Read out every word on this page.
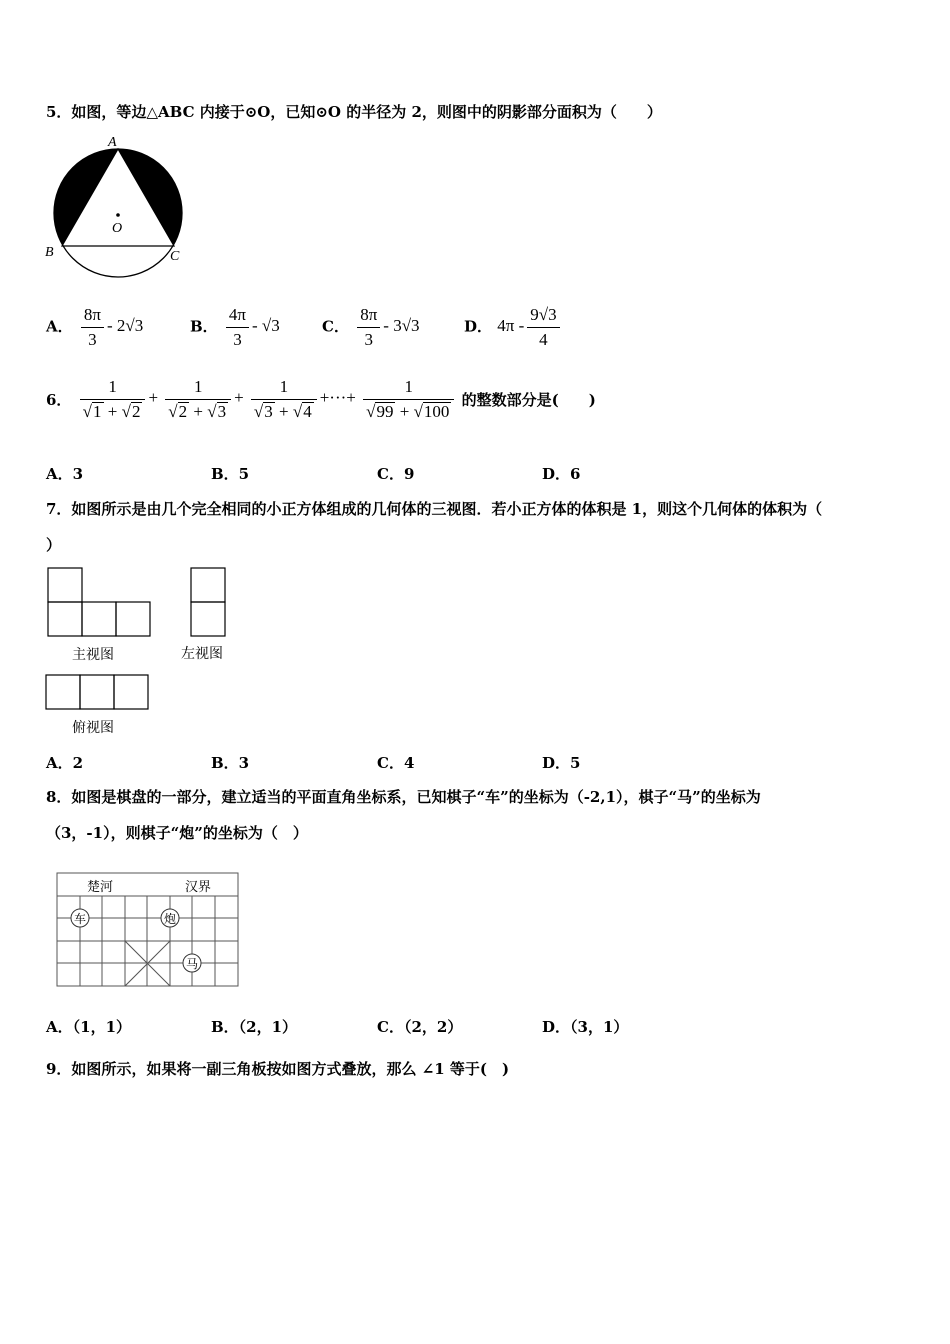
5．如图，等边△ABC 内接于⊙O，已知⊙O 的半径为 2，则图中的阴影部分面积为（　　）
A
B	C
O
A． $\frac{8\pi}{3} - 2√3$	B． $\frac{4\pi}{3} - √3$	C． $\frac{8\pi}{3} - 3√3$	D． $4\pi - \frac{9√3}{4}$
6． $\frac{1}{√1 + √2} + \frac{1}{√2 + √3} + \frac{1}{√3 + √4}$ +···+ $\frac{1}{√99 + √100}$ 的整数部分是(　　)
A．3	B．5	C．9	D．6
7．如图所示是由几个完全相同的小正方体组成的几何体的三视图．若小正方体的体积是 1，则这个几何体的体积为（
）
主视图	左视图
俯视图
A．2	B．3	C．4	D．5
8．如图是棋盘的一部分，建立适当的平面直角坐标系，已知棋子“车”的坐标为（-2,1），棋子“马”的坐标为
（3，-1），则棋子“炮”的坐标为（　）
楚河	汉界
车	炮
马
A．（1，1）	B．（2，1）	C．（2，2）	D．（3，1）
9．如图所示，如果将一副三角板按如图方式叠放，那么 ∠1 等于(　)
